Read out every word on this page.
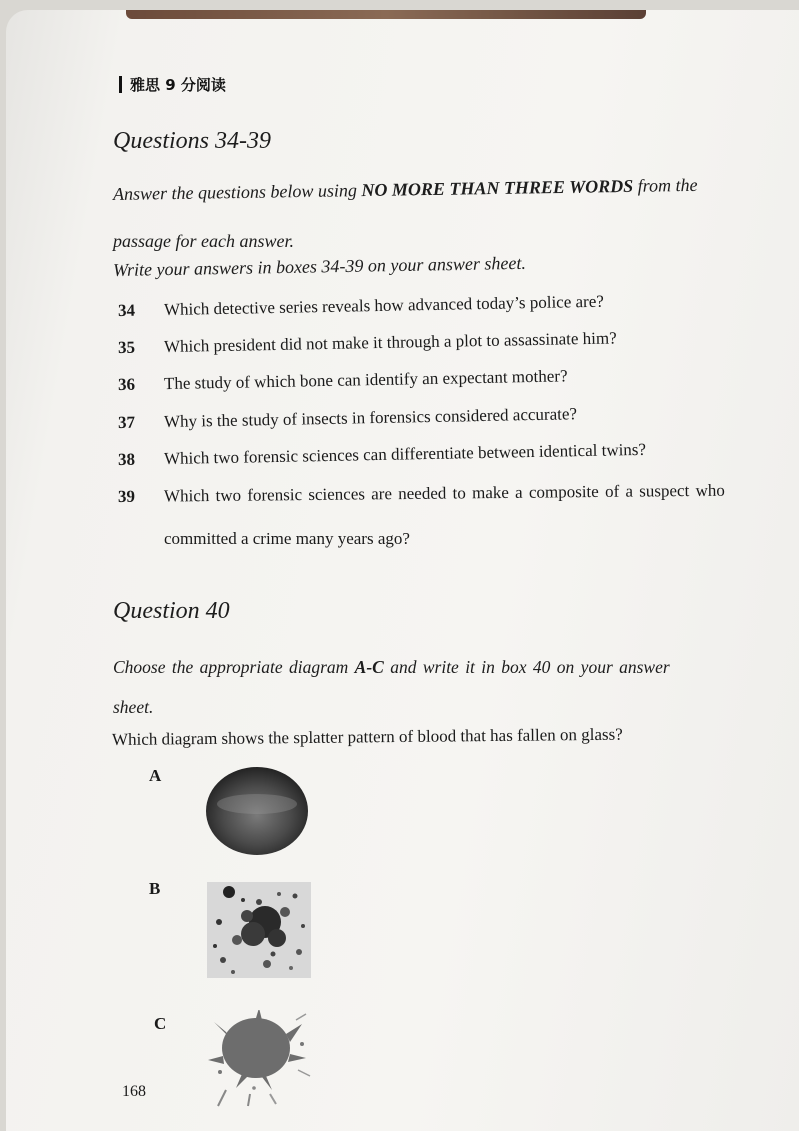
雅思 9 分阅读
Questions 34-39

Answer the questions below using NO MORE THAN THREE WORDS from the

passage for each answer.

Write your answers in boxes 34-39 on your answer sheet.

34 Which detective series reveals how advanced today’s police are?
35 Which president did not make it through a plot to assassinate him?
36 The study of which bone can identify an expectant mother?
37 Why is the study of insects in forensics considered accurate?
38 Which two forensic sciences can differentiate between identical twins?
39 Which two forensic sciences are needed to make a composite of a suspect who
committed a crime many years ago?
Question 40

Choose the appropriate diagram A-C and write it in box 40 on your answer

sheet.

Which diagram shows the splatter pattern of blood that has fallen on glass?

A
B
C
168
